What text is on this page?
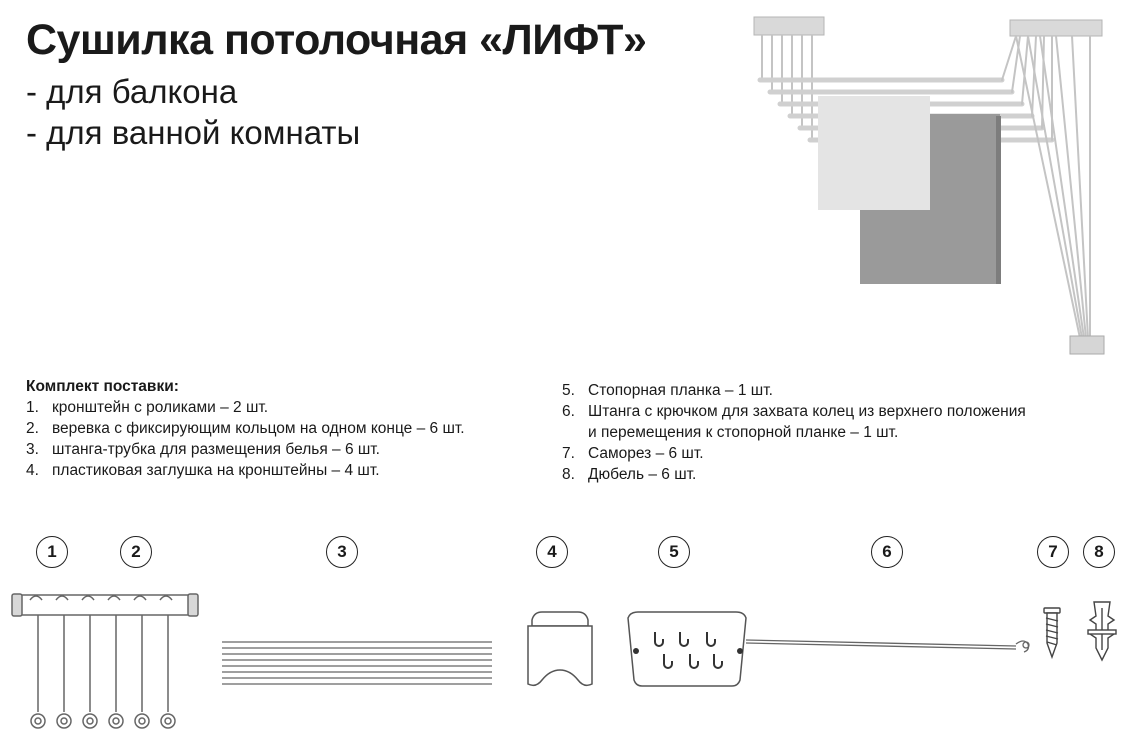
Сушилка потолочная «ЛИФТ»
- для балкона
- для ванной комнаты
Комплект поставки:
1. кронштейн с роликами – 2 шт.
2. веревка с фиксирующим кольцом на одном конце – 6 шт.
3. штанга-трубка для размещения белья – 6 шт.
4. пластиковая заглушка на кронштейны – 4 шт.
5. Стопорная планка – 1 шт.
6. Штанга с крючком для захвата колец из верхнего положения
и перемещения к стопорной планке – 1 шт.
7. Саморез – 6 шт.
8. Дюбель – 6 шт.
1	2	3	4	5	6	7	8
